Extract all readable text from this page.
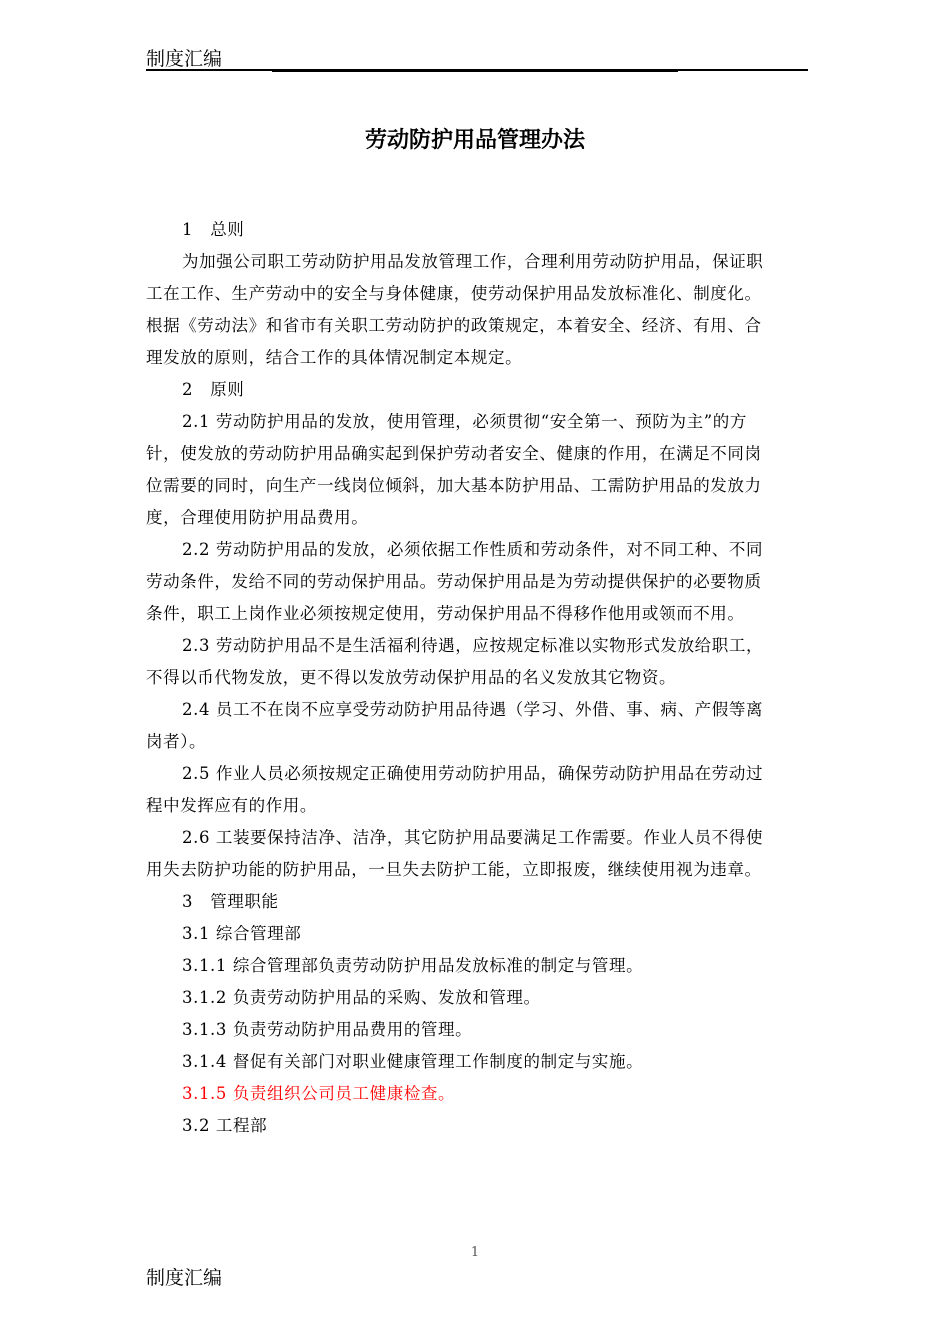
制度汇编
劳动防护用品管理办法

1　总则

为加强公司职工劳动防护用品发放管理工作，合理利用劳动防护用品，保证职工在工作、生产劳动中的安全与身体健康，使劳动保护用品发放标准化、制度化。根据《劳动法》和省市有关职工劳动防护的政策规定，本着安全、经济、有用、合理发放的原则，结合工作的具体情况制定本规定。

2　原则

2.1 劳动防护用品的发放，使用管理，必须贯彻“安全第一、预防为主”的方针，使发放的劳动防护用品确实起到保护劳动者安全、健康的作用，在满足不同岗位需要的同时，向生产一线岗位倾斜，加大基本防护用品、工需防护用品的发放力度，合理使用防护用品费用。

2.2 劳动防护用品的发放，必须依据工作性质和劳动条件，对不同工种、不同劳动条件，发给不同的劳动保护用品。劳动保护用品是为劳动提供保护的必要物质条件，职工上岗作业必须按规定使用，劳动保护用品不得移作他用或领而不用。

2.3 劳动防护用品不是生活福利待遇，应按规定标准以实物形式发放给职工，不得以币代物发放，更不得以发放劳动保护用品的名义发放其它物资。

2.4 员工不在岗不应享受劳动防护用品待遇（学习、外借、事、病、产假等离岗者）。

2.5 作业人员必须按规定正确使用劳动防护用品，确保劳动防护用品在劳动过程中发挥应有的作用。

2.6 工装要保持洁净、洁净，其它防护用品要满足工作需要。作业人员不得使用失去防护功能的防护用品，一旦失去防护工能，立即报废，继续使用视为违章。

3　管理职能

3.1 综合管理部

3.1.1 综合管理部负责劳动防护用品发放标准的制定与管理。

3.1.2 负责劳动防护用品的采购、发放和管理。

3.1.3 负责劳动防护用品费用的管理。

3.1.4 督促有关部门对职业健康管理工作制度的制定与实施。

3.1.5 负责组织公司员工健康检查。

3.2 工程部

1
制度汇编
